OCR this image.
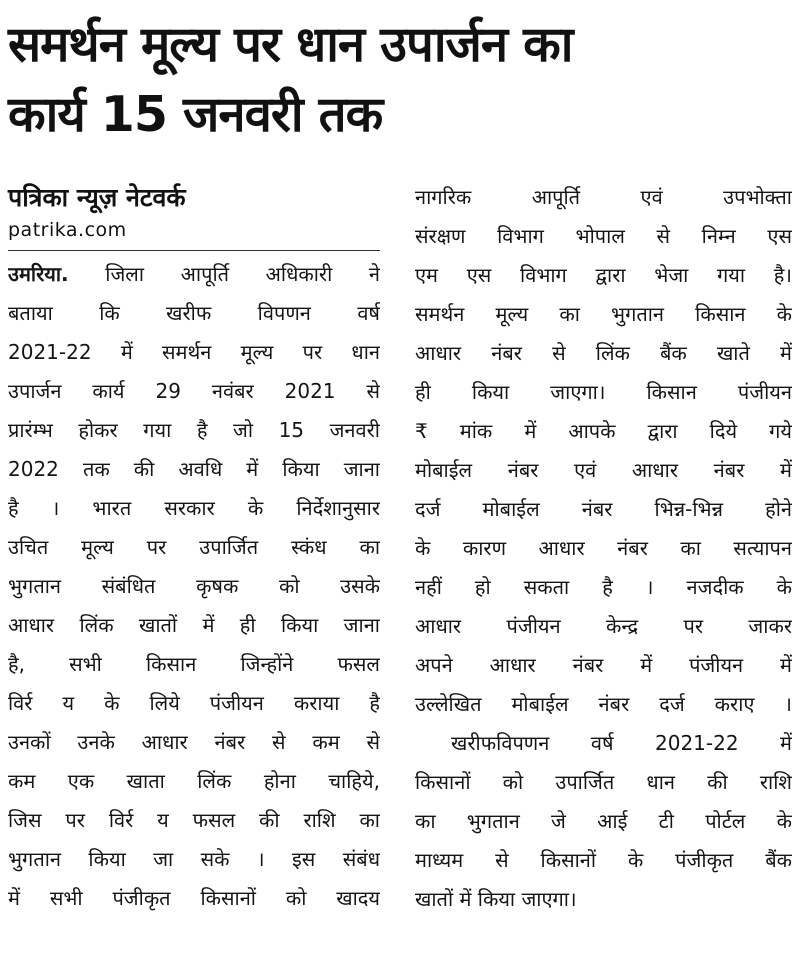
समर्थन मूल्य पर धान उपार्जन का
कार्य 15 जनवरी तक
पत्रिका न्यूज़ नेटवर्क
patrika.com
उमरिया. जिला आपूर्ति अधिकारी ने
बताया कि खरीफ विपणन वर्ष
2021-22 में समर्थन मूल्य पर धान
उपार्जन कार्य 29 नवंबर 2021 से
प्रारंम्भ होकर गया है जो 15 जनवरी
2022 तक की अवधि में किया जाना
है । भारत सरकार के निर्देशानुसार
उचित मूल्य पर उपार्जित स्कंध का
भुगतान संबंधित कृषक को उसके
आधार लिंक खातों में ही किया जाना
है, सभी किसान जिन्होंने फसल
विर्र य के लिये पंजीयन कराया है
उनकों उनके आधार नंबर से कम से
कम एक खाता लिंक होना चाहिये,
जिस पर विर्र य फसल की राशि का
भुगतान किया जा सके । इस संबंध
में सभी पंजीकृत किसानों को खादय
नागरिक आपूर्ति एवं उपभोक्ता
संरक्षण विभाग भोपाल से निम्न एस
एम एस विभाग द्वारा भेजा गया है।
समर्थन मूल्य का भुगतान किसान के
आधार नंबर से लिंक बैंक खाते में
ही किया जाएगा। किसान पंजीयन
₹ मांक में आपके द्वारा दिये गये
मोबाईल नंबर एवं आधार नंबर में
दर्ज मोबाईल नंबर भिन्न-भिन्न होने
के कारण आधार नंबर का सत्यापन
नहीं हो सकता है । नजदीक के
आधार पंजीयन केन्द्र पर जाकर
अपने आधार नंबर में पंजीयन में
उल्लेखित मोबाईल नंबर दर्ज कराए ।
खरीफविपणन वर्ष 2021-22 में
किसानों को उपार्जित धान की राशि
का भुगतान जे आई टी पोर्टल के
माध्यम से किसानों के पंजीकृत बैंक
खातों में किया जाएगा।
